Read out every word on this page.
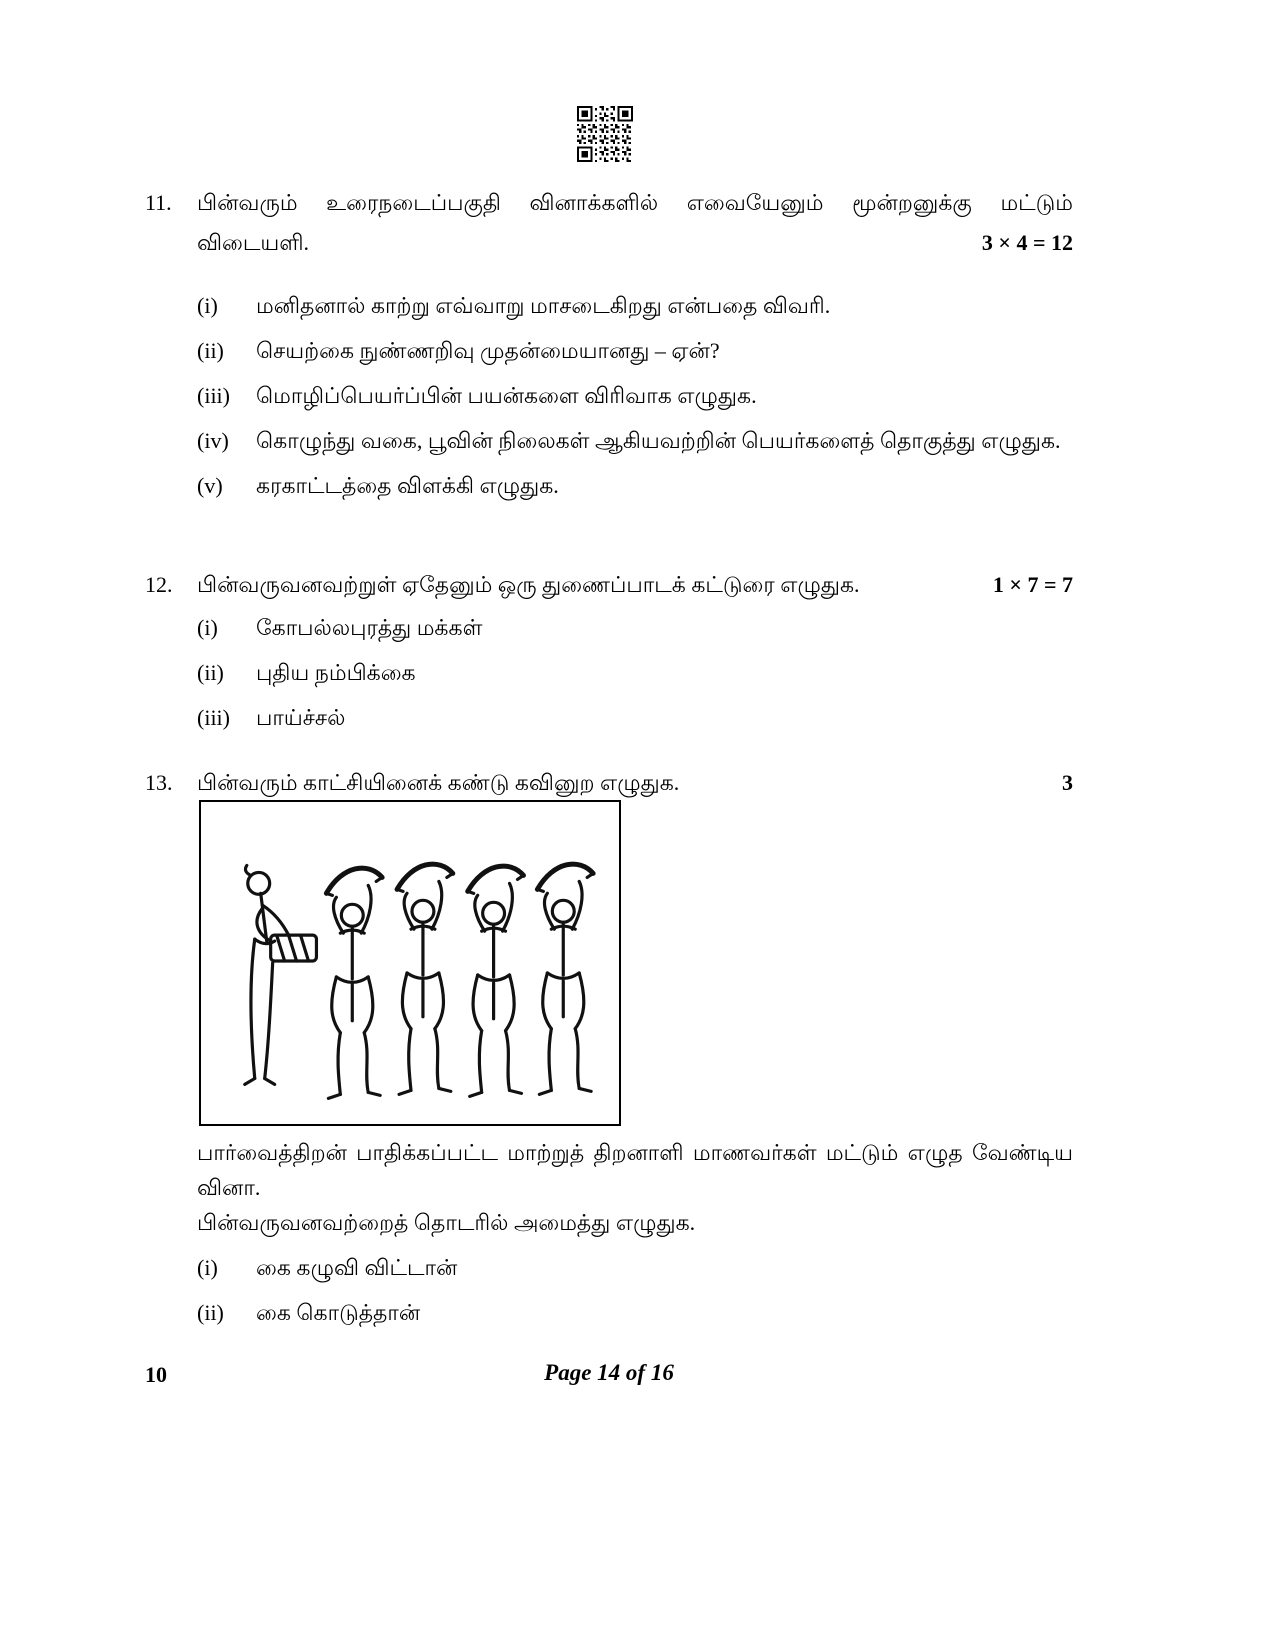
11.	பின்வரும் உரைநடைப்பகுதி வினாக்களில் எவையேனும் மூன்றனுக்கு மட்டும் விடையளி.	3 × 4 = 12
(i)	மனிதனால் காற்று எவ்வாறு மாசடைகிறது என்பதை விவரி.
(ii)	செயற்கை நுண்ணறிவு முதன்மையானது – ஏன்?
(iii)	மொழிப்பெயர்ப்பின் பயன்களை விரிவாக எழுதுக.
(iv)	கொழுந்து வகை, பூவின் நிலைகள் ஆகியவற்றின் பெயர்களைத் தொகுத்து எழுதுக.
(v)	கரகாட்டத்தை விளக்கி எழுதுக.
12.	பின்வருவனவற்றுள் ஏதேனும் ஒரு துணைப்பாடக் கட்டுரை எழுதுக.	1 × 7 = 7
(i)	கோபல்லபுரத்து மக்கள்
(ii)	புதிய நம்பிக்கை
(iii)	பாய்ச்சல்
13.	பின்வரும் காட்சியினைக் கண்டு கவினுற எழுதுக.	3
பார்வைத்திறன் பாதிக்கப்பட்ட மாற்றுத் திறனாளி மாணவர்கள் மட்டும் எழுத வேண்டிய வினா.
பின்வருவனவற்றைத் தொடரில் அமைத்து எழுதுக.
(i)	கை கழுவி விட்டான்
(ii)	கை கொடுத்தான்
10	Page 14 of 16
